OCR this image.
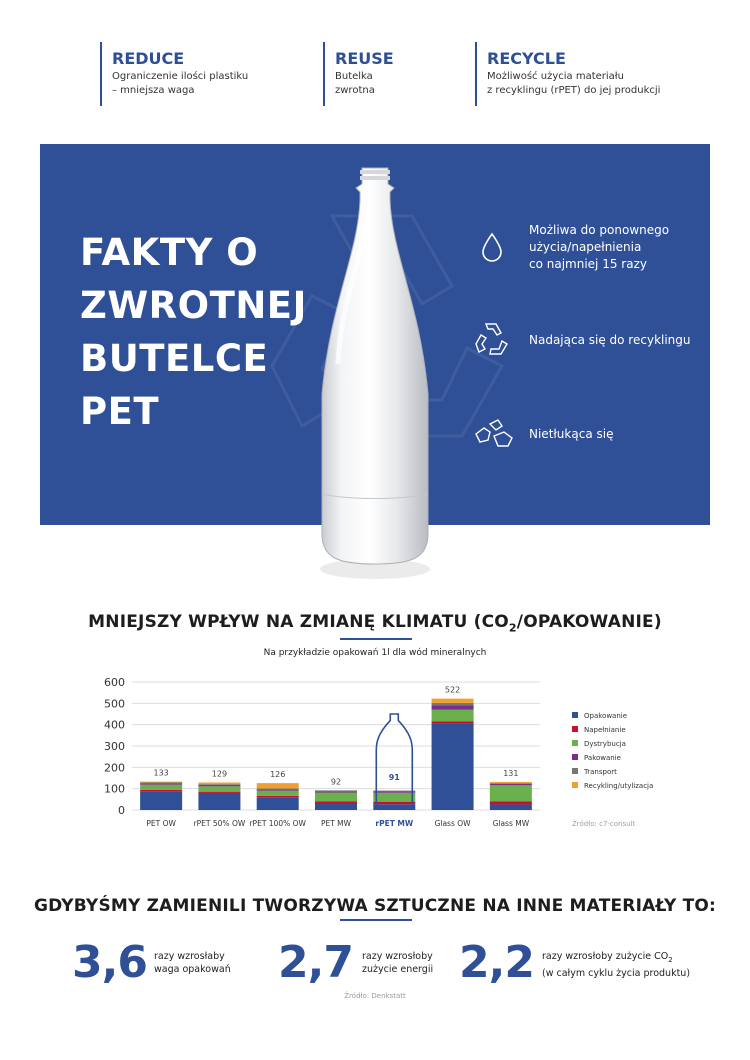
REDUCE
Ograniczenie ilości plastiku
– mniejsza waga
REUSE
Butelka
zwrotna
RECYCLE
Możliwość użycia materiału
z recyklingu (rPET) do jej produkcji
FAKTY O
ZWROTNEJ
BUTELCE
PET
Możliwa do ponownego
użycia/napełnienia
co najmniej 15 razy
Nadająca się do recyklingu
Nietłukąca się
MNIEJSZY WPŁYW NA ZMIANĘ KLIMATU $(CO_2/OPAKOWANIE)$
Na przykładzie opakowań 1l dla wód mineralnych
0
100
200
300
400
500
600
133
PET OW
129
rPET 50% OW
126
rPET 100% OW
92
PET MW
91
rPET MW
522
Glass OW
131
Glass MW
Opakowanie
Napełnianie
Dystrybucja
Pakowanie
Transport
Recykling/utylizacja
Źródło: c7-consult
GDYBYŚMY ZAMIENILI TWORZYWA SZTUCZNE NA INNE MATERIAŁY TO:
3,6 razy wzrosłaby
waga opakowań 2,7 razy wzrosłoby
zużycie energii 2,2 razy wzrosłoby zużycie $CO_2$
(w całym cyklu życia produktu)
Źródło: Denkstatt
